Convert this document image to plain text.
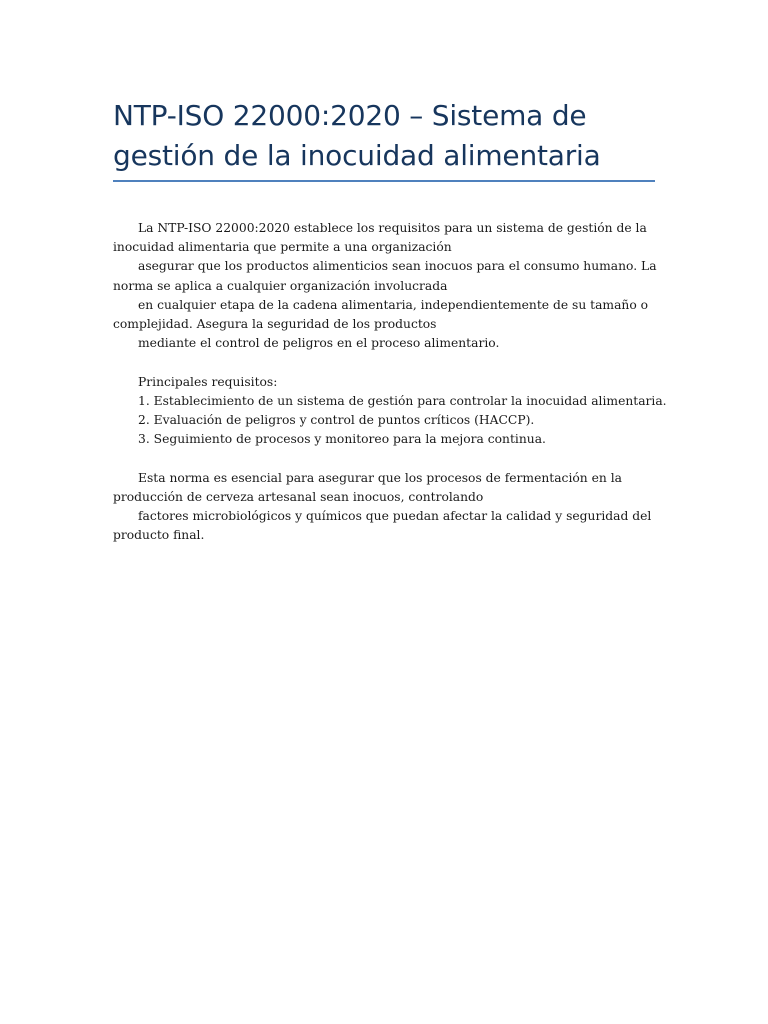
NTP-ISO 22000:2020 – Sistema de gestión de la inocuidad alimentaria

La NTP-ISO 22000:2020 establece los requisitos para un sistema de gestión de la
inocuidad alimentaria que permite a una organización
asegurar que los productos alimenticios sean inocuos para el consumo humano. La
norma se aplica a cualquier organización involucrada
en cualquier etapa de la cadena alimentaria, independientemente de su tamaño o
complejidad. Asegura la seguridad de los productos
mediante el control de peligros en el proceso alimentario.

Principales requisitos:
1. Establecimiento de un sistema de gestión para controlar la inocuidad alimentaria.
2. Evaluación de peligros y control de puntos críticos (HACCP).
3. Seguimiento de procesos y monitoreo para la mejora continua.

Esta norma es esencial para asegurar que los procesos de fermentación en la
producción de cerveza artesanal sean inocuos, controlando
factores microbiológicos y químicos que puedan afectar la calidad y seguridad del
producto final.
